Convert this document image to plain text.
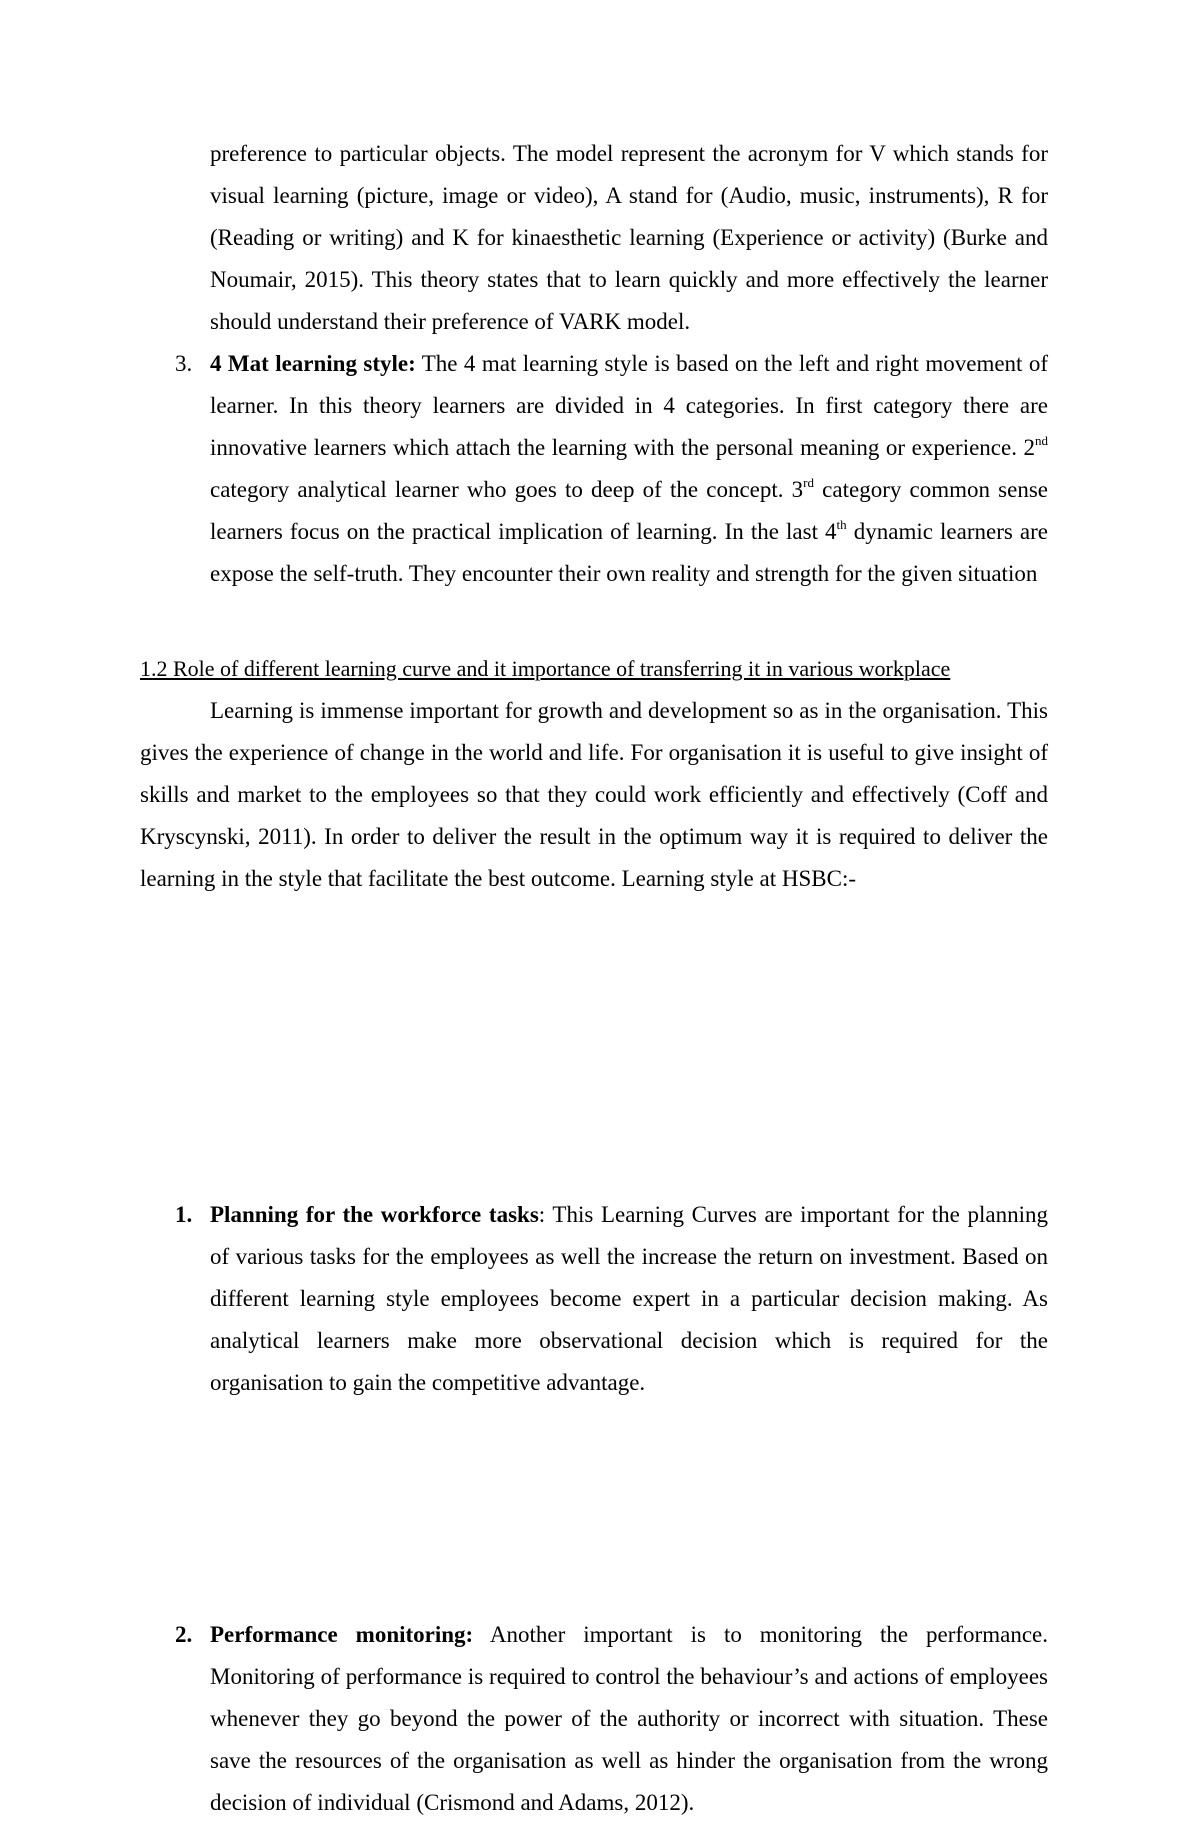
preference to particular objects. The model represent the acronym for V which stands for visual learning (picture, image or video), A stand for (Audio, music, instruments), R for (Reading or writing) and K for kinaesthetic learning (Experience or activity) (Burke and Noumair, 2015). This theory states that to learn quickly and more effectively the learner should understand their preference of VARK model.

3. 4 Mat learning style: The 4 mat learning style is based on the left and right movement of learner. In this theory learners are divided in 4 categories. In first category there are innovative learners which attach the learning with the personal meaning or experience. 2nd category analytical learner who goes to deep of the concept. 3rd category common sense learners focus on the practical implication of learning. In the last 4th dynamic learners are expose the self-truth. They encounter their own reality and strength for the given situation

1.2 Role of different learning curve and it importance of transferring it in various workplace

Learning is immense important for growth and development so as in the organisation. This gives the experience of change in the world and life. For organisation it is useful to give insight of skills and market to the employees so that they could work efficiently and effectively (Coff and Kryscynski, 2011). In order to deliver the result in the optimum way it is required to deliver the learning in the style that facilitate the best outcome. Learning style at HSBC:-

1. Planning for the workforce tasks: This Learning Curves are important for the planning of various tasks for the employees as well the increase the return on investment. Based on different learning style employees become expert in a particular decision making. As analytical learners make more observational decision which is required for the organisation to gain the competitive advantage.

2. Performance monitoring: Another important is to monitoring the performance. Monitoring of performance is required to control the behaviour’s and actions of employees whenever they go beyond the power of the authority or incorrect with situation. These save the resources of the organisation as well as hinder the organisation from the wrong decision of individual (Crismond and Adams, 2012).
